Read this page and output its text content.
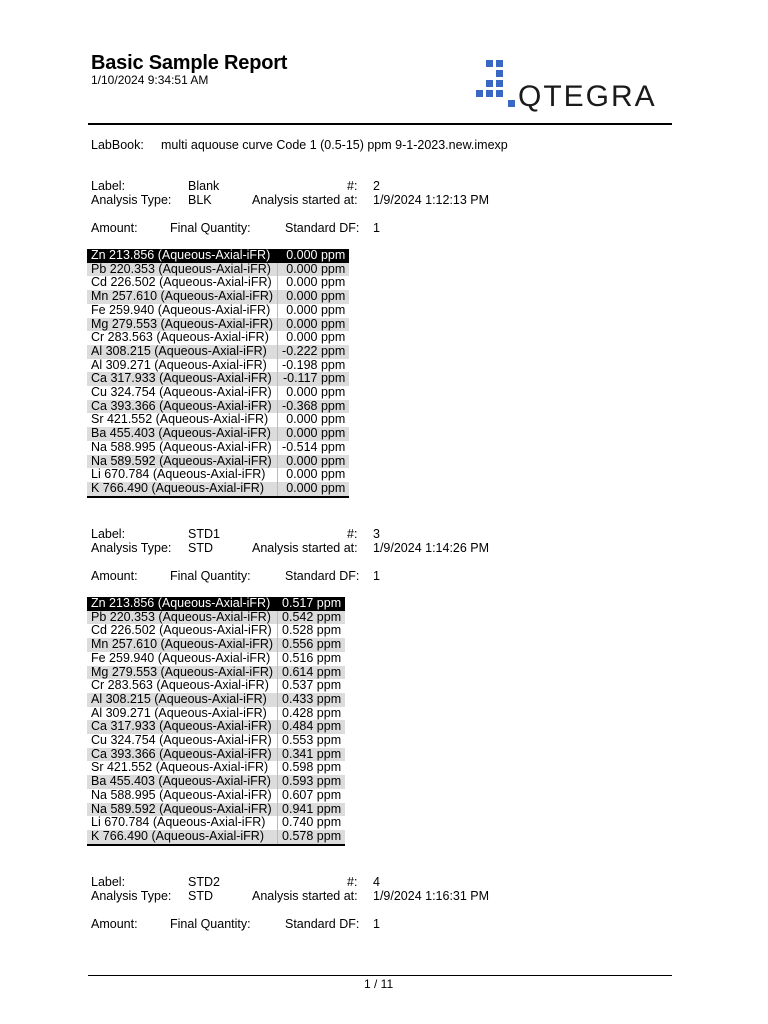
Basic Sample Report
1/10/2024 9:34:51 AM	QTEGRA
LabBook: multi aquouse curve Code 1 (0.5-15) ppm 9-1-2023.new.imexp
Label:	Blank	#: 2
Analysis Type: BLK	Analysis started at: 1/9/2024 1:12:13 PM
Amount:	Final Quantity:	Standard DF: 1
Zn 213.856 (Aqueous-Axial-iFR)	0.000 ppm
Pb 220.353 (Aqueous-Axial-iFR)	0.000 ppm
Cd 226.502 (Aqueous-Axial-iFR)	0.000 ppm
Mn 257.610 (Aqueous-Axial-iFR)	0.000 ppm
Fe 259.940 (Aqueous-Axial-iFR)	0.000 ppm
Mg 279.553 (Aqueous-Axial-iFR)	0.000 ppm
Cr 283.563 (Aqueous-Axial-iFR)	0.000 ppm
Al 308.215 (Aqueous-Axial-iFR)	-0.222 ppm
Al 309.271 (Aqueous-Axial-iFR)	-0.198 ppm
Ca 317.933 (Aqueous-Axial-iFR)	-0.117 ppm
Cu 324.754 (Aqueous-Axial-iFR)	0.000 ppm
Ca 393.366 (Aqueous-Axial-iFR)	-0.368 ppm
Sr 421.552 (Aqueous-Axial-iFR)	0.000 ppm
Ba 455.403 (Aqueous-Axial-iFR)	0.000 ppm
Na 588.995 (Aqueous-Axial-iFR)	-0.514 ppm
Na 589.592 (Aqueous-Axial-iFR)	0.000 ppm
Li 670.784 (Aqueous-Axial-iFR)	0.000 ppm
K 766.490 (Aqueous-Axial-iFR)	0.000 ppm
Label:	STD1	#: 3
Analysis Type: STD	Analysis started at: 1/9/2024 1:14:26 PM
Amount:	Final Quantity:	Standard DF: 1
Zn 213.856 (Aqueous-Axial-iFR)	0.517 ppm
Pb 220.353 (Aqueous-Axial-iFR)	0.542 ppm
Cd 226.502 (Aqueous-Axial-iFR)	0.528 ppm
Mn 257.610 (Aqueous-Axial-iFR)	0.556 ppm
Fe 259.940 (Aqueous-Axial-iFR)	0.516 ppm
Mg 279.553 (Aqueous-Axial-iFR)	0.614 ppm
Cr 283.563 (Aqueous-Axial-iFR)	0.537 ppm
Al 308.215 (Aqueous-Axial-iFR)	0.433 ppm
Al 309.271 (Aqueous-Axial-iFR)	0.428 ppm
Ca 317.933 (Aqueous-Axial-iFR)	0.484 ppm
Cu 324.754 (Aqueous-Axial-iFR)	0.553 ppm
Ca 393.366 (Aqueous-Axial-iFR)	0.341 ppm
Sr 421.552 (Aqueous-Axial-iFR)	0.598 ppm
Ba 455.403 (Aqueous-Axial-iFR)	0.593 ppm
Na 588.995 (Aqueous-Axial-iFR)	0.607 ppm
Na 589.592 (Aqueous-Axial-iFR)	0.941 ppm
Li 670.784 (Aqueous-Axial-iFR)	0.740 ppm
K 766.490 (Aqueous-Axial-iFR)	0.578 ppm
Label:	STD2	#: 4
Analysis Type: STD	Analysis started at: 1/9/2024 1:16:31 PM
Amount:	Final Quantity:	Standard DF: 1
1 / 11
